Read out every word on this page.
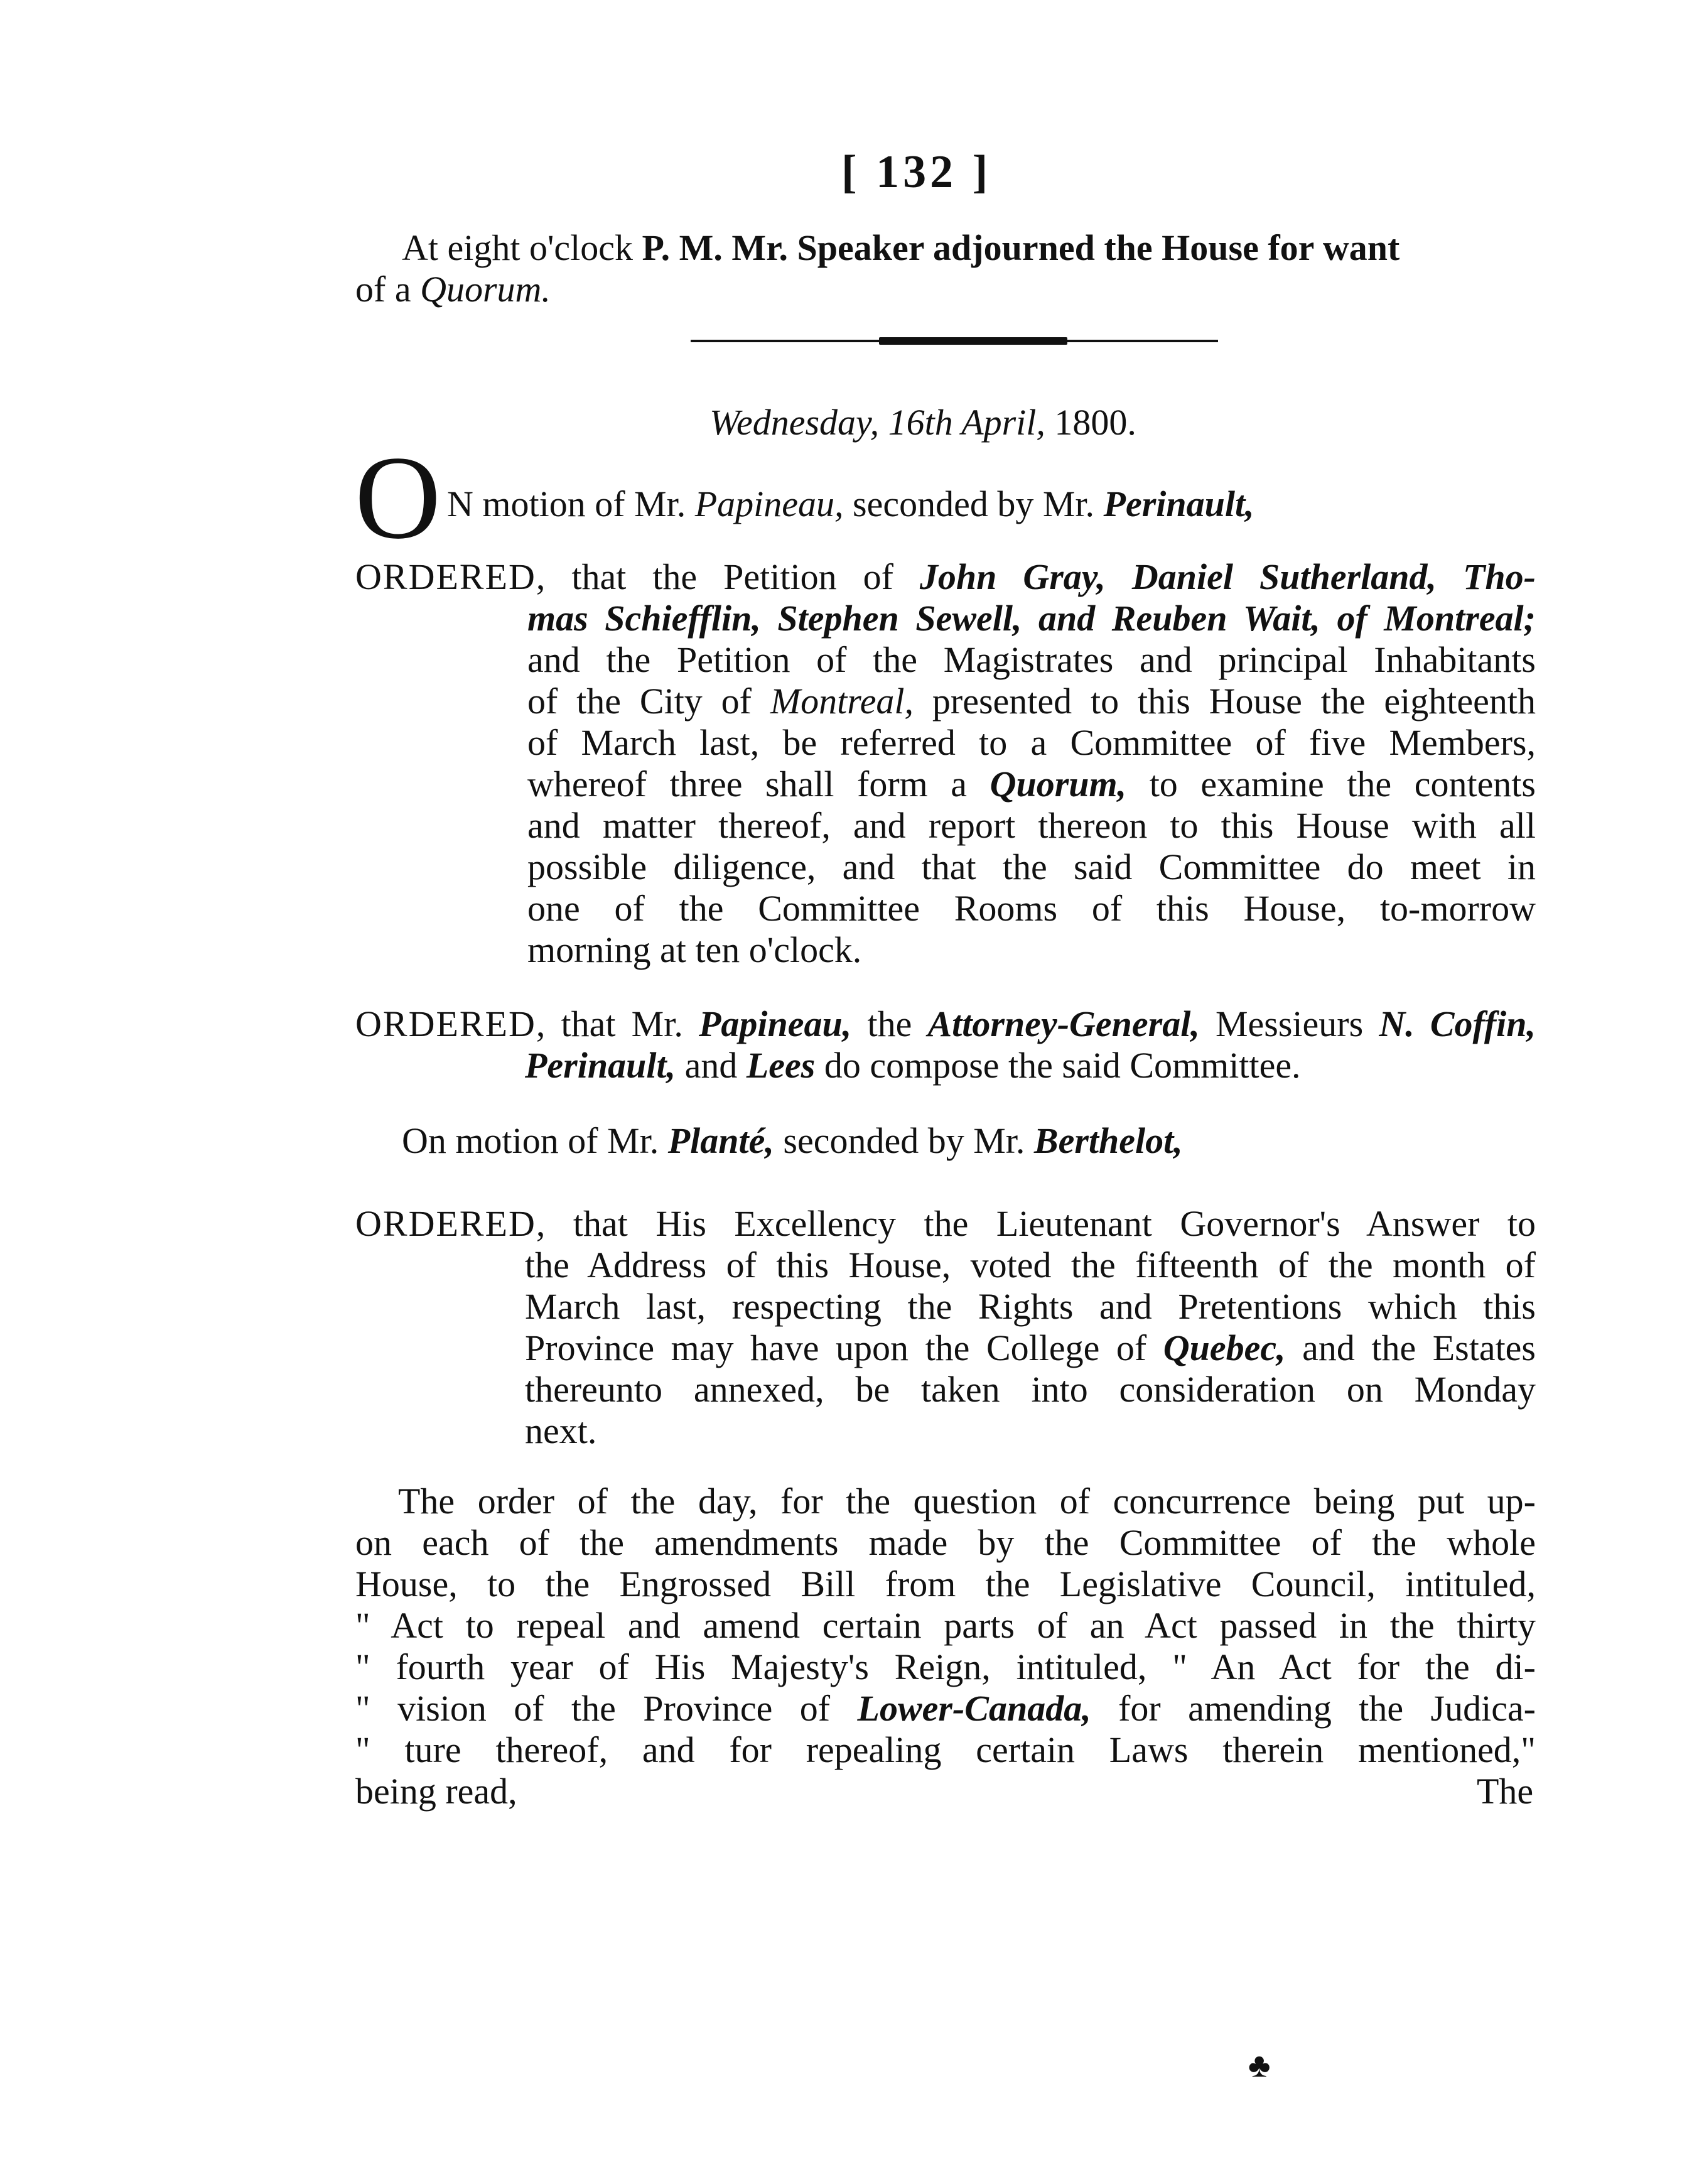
[ 132 ]
At eight o'clock P. M. Mr. Speaker adjourned the House for want
of a Quorum.
Wednesday, 16th April, 1800.
O N motion of Mr. Papineau, seconded by Mr. Perinault,
ORDERED, that the Petition of John Gray, Daniel Sutherland, Tho-
mas Schiefflin, Stephen Sewell, and Reuben Wait, of Montreal;
and the Petition of the Magistrates and principal Inhabitants
of the City of Montreal, presented to this House the eighteenth
of March last, be referred to a Committee of five Members,
whereof three shall form a Quorum, to examine the contents
and matter thereof, and report thereon to this House with all
possible diligence, and that the said Committee do meet in
one of the Committee Rooms of this House, to-morrow
morning at ten o'clock.
ORDERED, that Mr. Papineau, the Attorney-General, Messieurs N. Coffin,
Perinault, and Lees do compose the said Committee.
On motion of Mr. Planté, seconded by Mr. Berthelot,
ORDERED, that His Excellency the Lieutenant Governor's Answer to
the Address of this House, voted the fifteenth of the month of
March last, respecting the Rights and Pretentions which this
Province may have upon the College of Quebec, and the Estates
thereunto annexed, be taken into consideration on Monday
next.
The order of the day, for the question of concurrence being put up-
on each of the amendments made by the Committee of the whole
House, to the Engrossed Bill from the Legislative Council, intituled,
" Act to repeal and amend certain parts of an Act passed in the thirty
" fourth year of His Majesty's Reign, intituled, " An Act for the di-
" vision of the Province of Lower-Canada, for amending the Judica-
" ture thereof, and for repealing certain Laws therein mentioned,"
being read,	The
♣
